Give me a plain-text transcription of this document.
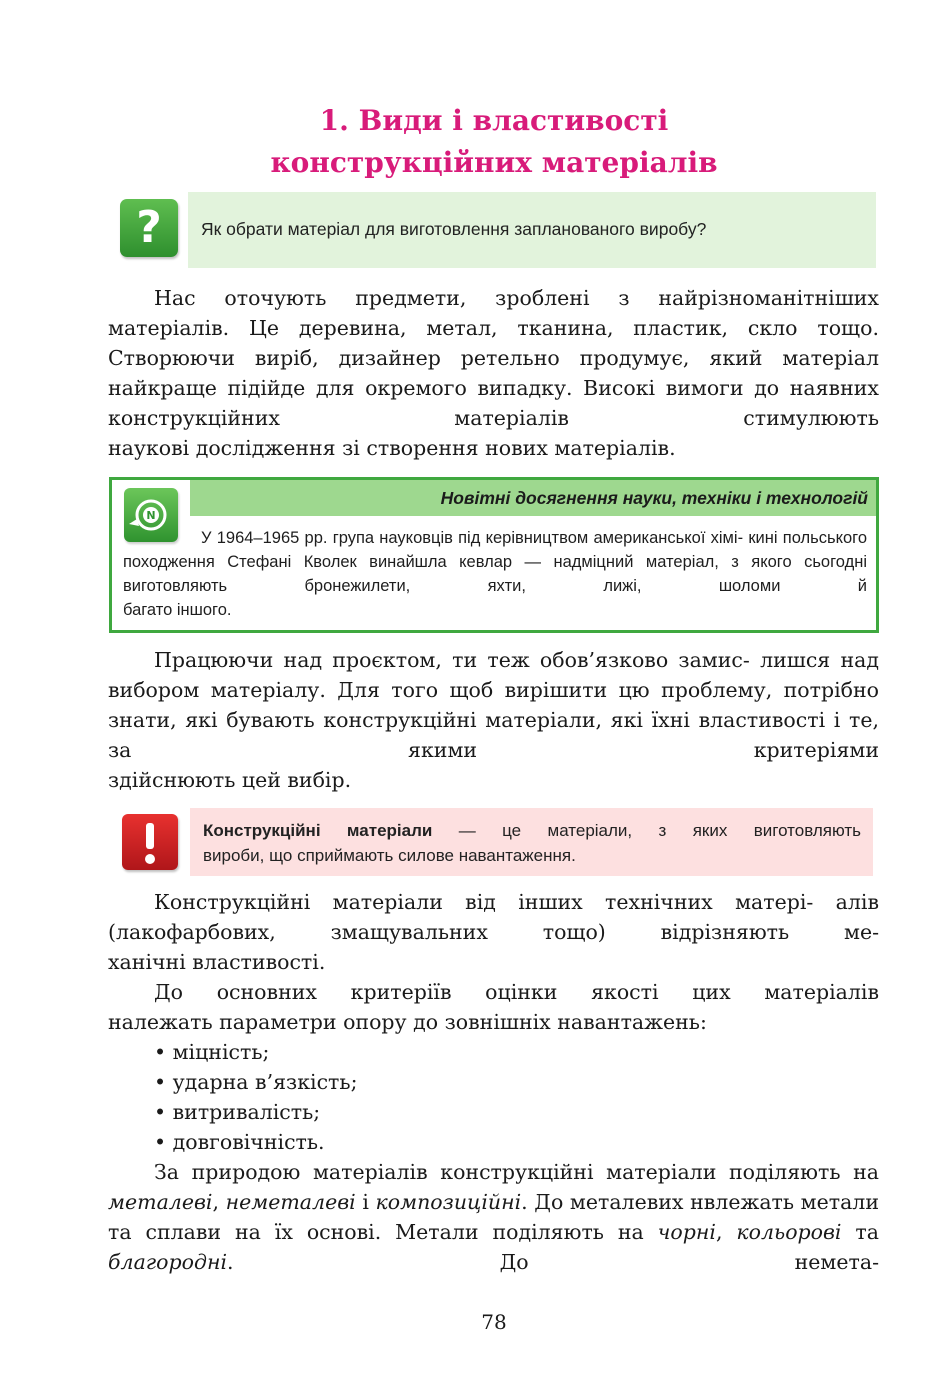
1. Види і властивості
конструкційних матеріалів
?	Як обрати матеріал для виготовлення запланованого виробу?

Нас оточують предмети, зроблені з найрізноманітніших матеріалів. Це деревина, метал, тканина, пластик, скло тощо. Створюючи виріб, дизайнер ретельно продумує, який матеріал найкраще підійде для окремого випадку. Високі вимоги до наявних конструкційних матеріалів стимулюють

наукові дослідження зі створення нових матеріалів.
Новітні досягнення науки, техніки і технологій
N

У 1964–1965 рр. група науковців під керівництвом американської хімі- кині польського походження Стефані Кволек винайшла кевлар — надміцний матеріал, з якого сьогодні виготовляють бронежилети, яхти, лижі, шоломи й

багато іншого.

Працюючи над проєктом, ти теж обов’язково замис- лишся над вибором матеріалу. Для того щоб вирішити цю проблему, потрібно знати, які бувають конструкційні матеріали, які їхні властивості і те, за якими критеріями

здійснюють цей вибір.

Конструкційні матеріали — це матеріали, з яких виготовляють

вироби, що сприймають силове навантаження.

Конструкційні матеріали від інших технічних матері- алів (лакофарбових, змащувальних тощо) відрізняють ме-

ханічні властивості.

До основних критеріїв оцінки якості цих матеріалів

належать параметри опору до зовнішніх навантажень:
• міцність;
• ударна в’язкість;
• витривалість;
• довговічність.

За природою матеріалів конструкційні матеріали поділяють на металеві, неметалеві і композиційні. До металевих нвлежать метали та сплави на їх основі. Метали поділяють на чорні, кольорові та благородні. До немета-

78
